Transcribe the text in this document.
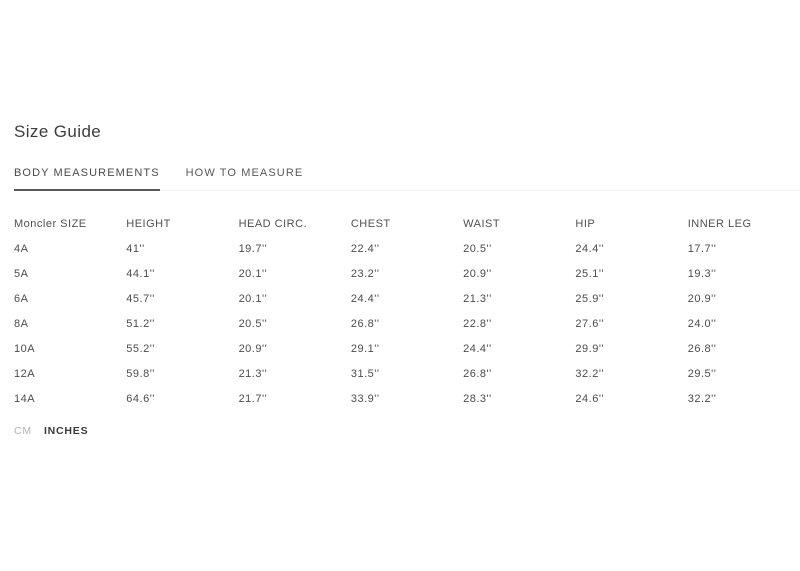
Size Guide
BODY MEASUREMENTS HOW TO MEASURE
Moncler SIZE	HEIGHT	HEAD CIRC.	CHEST	WAIST	HIP	INNER LEG
4A	41''	19.7''	22.4''	20.5''	24.4''	17.7''
5A	44.1''	20.1''	23.2''	20.9''	25.1''	19.3''
6A	45.7''	20.1''	24.4''	21.3''	25.9''	20.9''
8A	51.2''	20.5''	26.8''	22.8''	27.6''	24.0''
10A	55.2''	20.9''	29.1''	24.4''	29.9''	26.8''
12A	59.8''	21.3''	31.5''	26.8''	32.2''	29.5''
14A	64.6''	21.7''	33.9''	28.3''	24.6''	32.2''
CM INCHES
